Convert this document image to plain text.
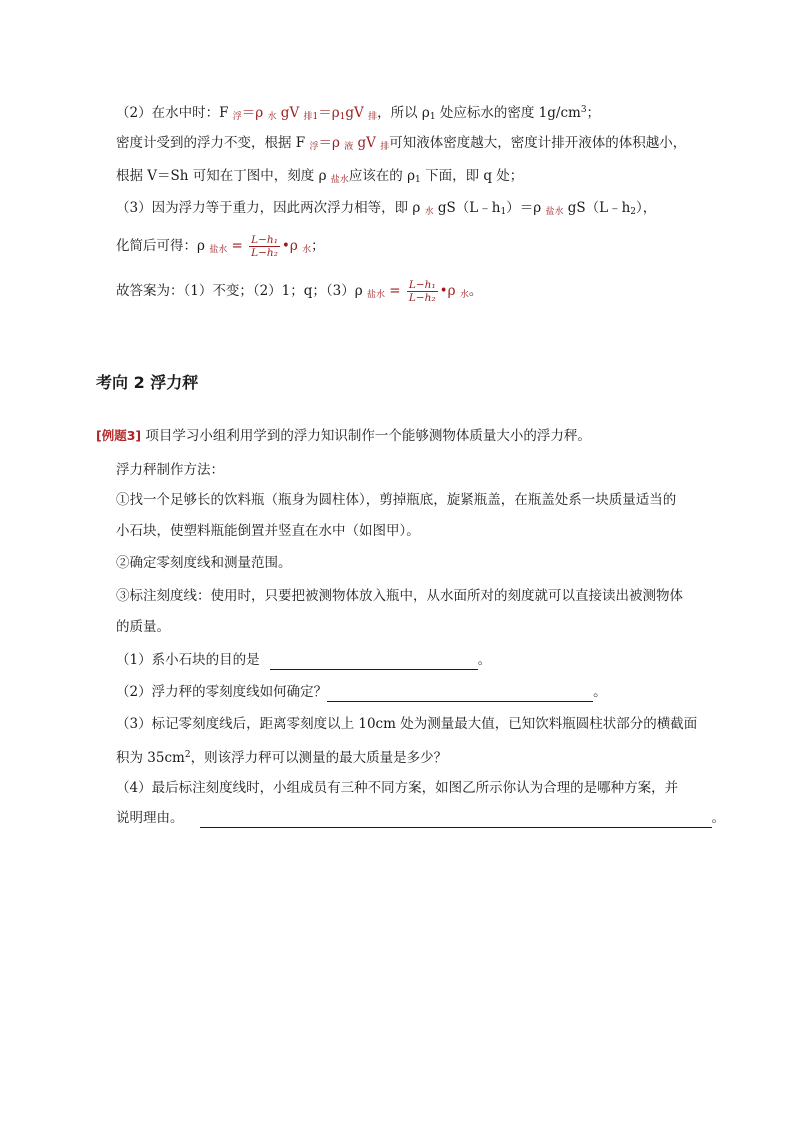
（2）在水中时：F $_浮$＝ρ $_水$ gV $_{排1}=\rho_1gV$ $_排$，所以 $\rho_1$ 处应标水的密度 $1g/cm^3$；
密度计受到的浮力不变，根据 F $_浮$＝ρ $_液$ gV $_排$可知液体密度越大，密度计排开液体的体积越小，
根据 V＝Sh 可知在丁图中，刻度 ρ $_{盐水}$应该在的 $\rho_1$ 下面，即 q 处；
（3）因为浮力等于重力，因此两次浮力相等，即 ρ $_水$ $gS(L﹣h_1)=\rho$ $_{盐水}$ $gS(L﹣h_2)$，
化简后可得：ρ $_{盐水} = \frac{\text{L−h₁}}{\text{L−h₂}}$ •ρ $_水$；
故答案为：（1）不变；（2）1；q；（3）ρ $_{盐水} = \frac{\text{L−h₁}}{\text{L−h₂}}$ •ρ $_水$。
考向 2 浮力秤
[例题3] 项目学习小组利用学到的浮力知识制作一个能够测物体质量大小的浮力秤。
浮力秤制作方法：
①找一个足够长的饮料瓶（瓶身为圆柱体），剪掉瓶底，旋紧瓶盖，在瓶盖处系一块质量适当的
小石块，使塑料瓶能倒置并竖直在水中（如图甲）。
②确定零刻度线和测量范围。
③标注刻度线：使用时，只要把被测物体放入瓶中，从水面所对的刻度就可以直接读出被测物体
的质量。
（1）系小石块的目的是	。
（2）浮力秤的零刻度线如何确定？	。
（3）标记零刻度线后，距离零刻度以上 10cm 处为测量最大值，已知饮料瓶圆柱状部分的横截面
积为 $35cm^2$，则该浮力秤可以测量的最大质量是多少？
（4）最后标注刻度线时，小组成员有三种不同方案，如图乙所示你认为合理的是哪种方案，并
说明理由。	。
